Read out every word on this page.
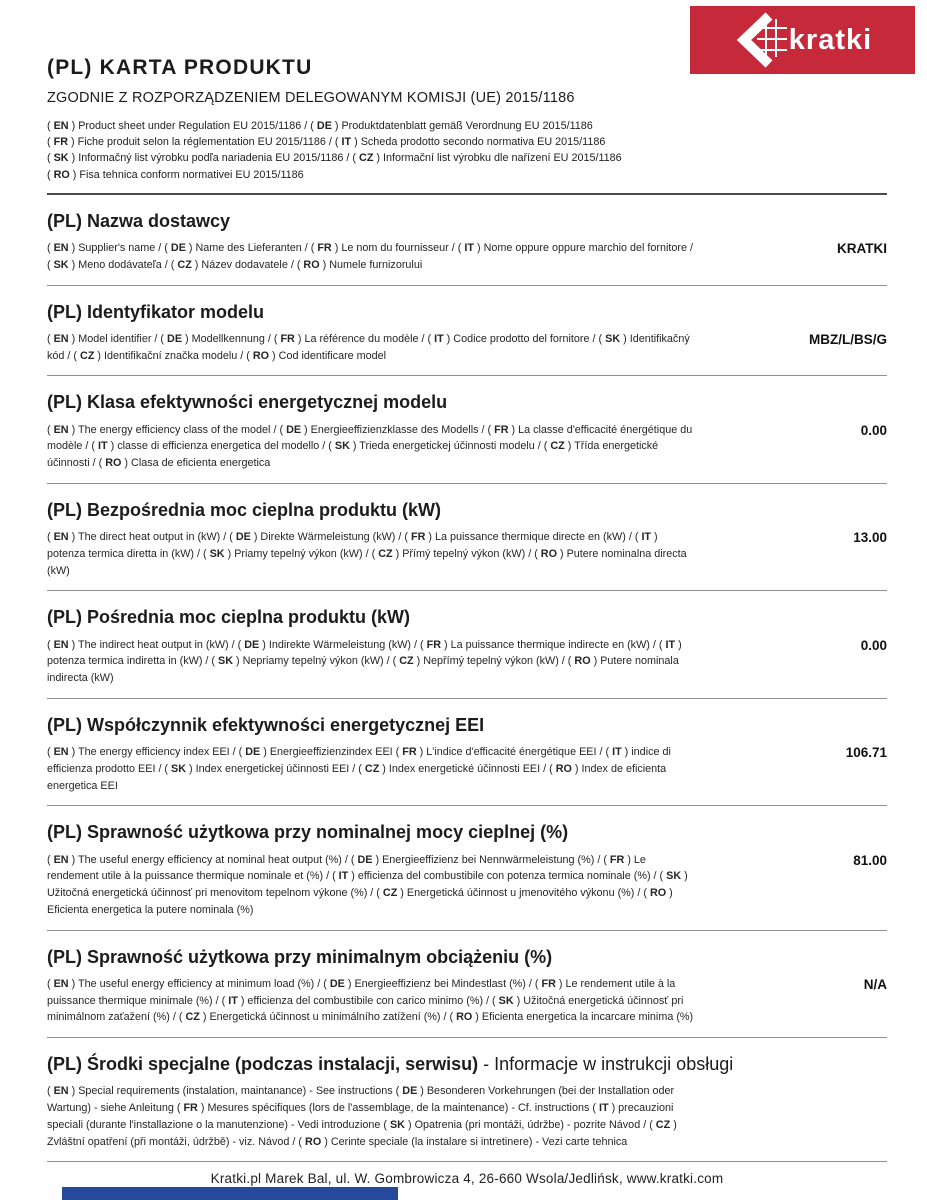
(PL) KARTA PRODUKTU
ZGODNIE Z ROZPORZĄDZENIEM DELEGOWANYM KOMISJI (UE) 2015/1186
( EN ) Product sheet under Regulation EU 2015/1186 / ( DE ) Produktdatenblatt gemäß Verordnung EU 2015/1186
( FR ) Fiche produit selon la réglementation EU 2015/1186 / ( IT ) Scheda prodotto secondo normativa EU 2015/1186
( SK ) Informačný list výrobku podľa nariadenia EU 2015/1186 / ( CZ ) Informační list výrobku dle nařízení EU 2015/1186
( RO ) Fisa tehnica conform normativei EU 2015/1186
(PL) Nazwa dostawcy

( EN ) Supplier's name / ( DE ) Name des Lieferanten / ( FR ) Le nom du fournisseur / ( IT ) Nome oppure oppure marchio del fornitore / ( SK ) Meno dodávateľa / ( CZ ) Název dodavatele / ( RO ) Numele furnizorului

KRATKI
(PL) Identyfikator modelu

( EN ) Model identifier / ( DE ) Modellkennung / ( FR ) La référence du modèle / ( IT ) Codice prodotto del fornitore / ( SK ) Identifikačný kód / ( CZ ) Identifikační značka modelu / ( RO ) Cod identificare model

MBZ/L/BS/G
(PL) Klasa efektywności energetycznej modelu

( EN ) The energy efficiency class of the model / ( DE ) Energieeffizienzklasse des Modells / ( FR ) La classe d'efficacité énergétique du modèle / ( IT ) classe di efficienza energetica del modello / ( SK ) Trieda energetickej účinnosti modelu / ( CZ ) Třída energetické účinnosti / ( RO ) Clasa de eficienta energetica

0.00
(PL) Bezpośrednia moc cieplna produktu (kW)

( EN ) The direct heat output in (kW) / ( DE ) Direkte Wärmeleistung (kW) / ( FR ) La puissance thermique directe en (kW) / ( IT ) potenza termica diretta in (kW) / ( SK ) Priamy tepelný výkon (kW) / ( CZ ) Přímý tepelný výkon (kW) / ( RO ) Putere nominalna directa (kW)

13.00
(PL) Pośrednia moc cieplna produktu (kW)

( EN ) The indirect heat output in (kW) / ( DE ) Indirekte Wärmeleistung (kW) / ( FR ) La puissance thermique indirecte en (kW) / ( IT ) potenza termica indiretta in (kW) / ( SK ) Nepriamy tepelný výkon (kW) / ( CZ ) Nepřímý tepelný výkon (kW) / ( RO ) Putere nominala indirecta (kW)

0.00
(PL) Współczynnik efektywności energetycznej EEI

( EN ) The energy efficiency index EEI / ( DE ) Energieeffizienzindex EEI ( FR ) L'indice d'efficacité énergétique EEI / ( IT ) indice di efficienza prodotto EEI / ( SK ) Index energetickej účinnosti EEI / ( CZ ) Index energetické účinnosti EEI / ( RO ) Index de eficienta energetica EEI

106.71
(PL) Sprawność użytkowa przy nominalnej mocy cieplnej (%)

( EN ) The useful energy efficiency at nominal heat output (%) / ( DE ) Energieeffizienz bei Nennwärmeleistung (%) / ( FR ) Le rendement utile à la puissance thermique nominale et (%) / ( IT ) efficienza del combustibile con potenza termica nominale (%) / ( SK ) Užitočná energetická účinnosť pri menovitom tepelnom výkone (%) / ( CZ ) Energetická účinnost u jmenovitého výkonu (%) / ( RO ) Eficienta energetica la putere nominala (%)

81.00
(PL) Sprawność użytkowa przy minimalnym obciążeniu (%)

( EN ) The useful energy efficiency at minimum load (%) / ( DE ) Energieeffizienz bei Mindestlast (%) / ( FR ) Le rendement utile à la puissance thermique minimale (%) / ( IT ) efficienza del combustibile con carico minimo (%) / ( SK ) Užitočná energetická účinnosť pri minimálnom zaťažení (%) / ( CZ ) Energetická účinnost u minimálního zatížení (%) / ( RO ) Eficienta energetica la incarcare minima (%)

N/A
(PL) Środki specjalne (podczas instalacji, serwisu) - Informacje w instrukcji obsługi

( EN ) Special requirements (instalation, maintanance) - See instructions ( DE ) Besonderen Vorkehrungen (bei der Installation oder Wartung) - siehe Anleitung ( FR ) Mesures spécifiques (lors de l'assemblage, de la maintenance) - Cf. instructions ( IT ) precauzioni speciali (durante l'installazione o la manutenzione) - Vedi introduzione ( SK ) Opatrenia (pri montáži, údržbe) - pozrite Návod / ( CZ ) Zvláštní opatření (při montáži, údržbě) - viz. Návod / ( RO ) Cerinte speciale (la instalare si intretinere) - Vezi carte tehnica

Kratki.pl Marek Bal, ul. W. Gombrowicza 4, 26-660 Wsola/Jedlińsk, www.kratki.com
kratki
